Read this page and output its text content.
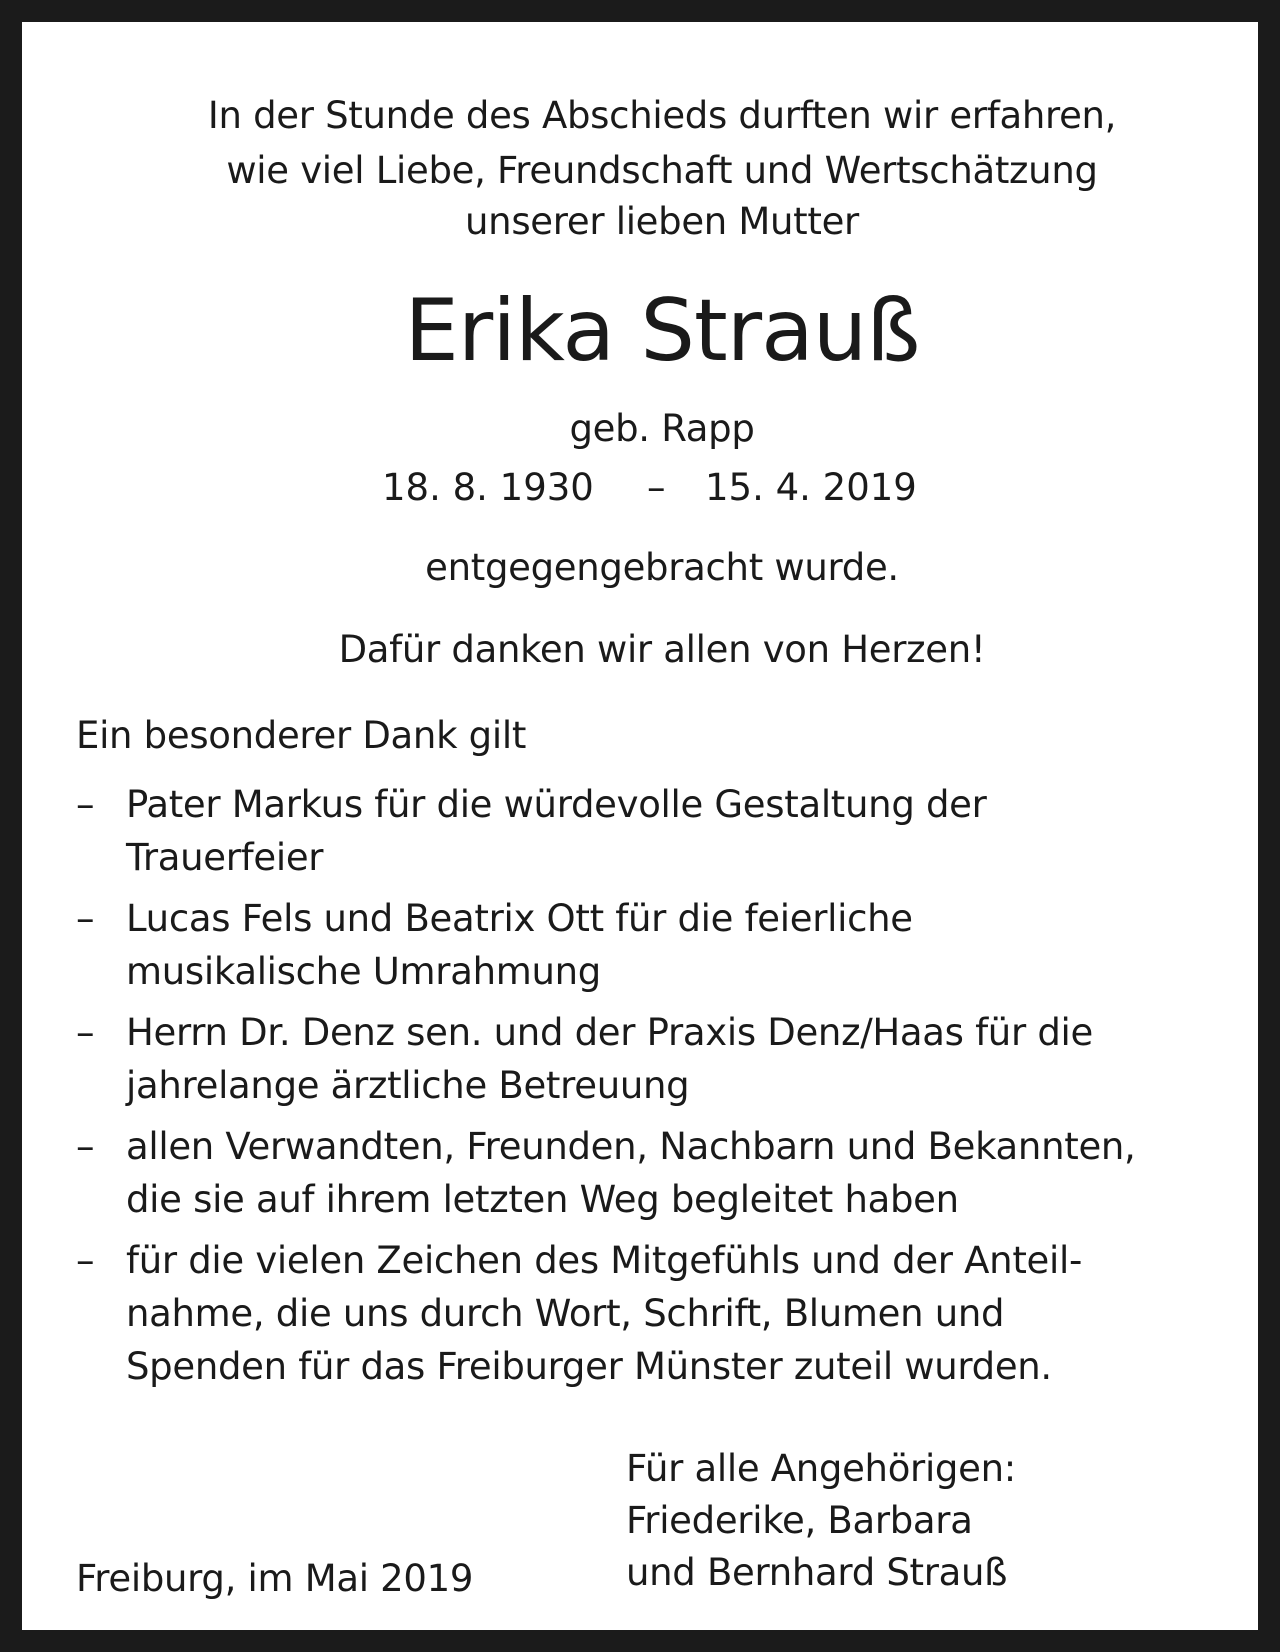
In der Stunde des Abschieds durften wir erfahren,
wie viel Liebe, Freundschaft und Wertschätzung
unserer lieben Mutter
Erika Strauß
geb. Rapp
18. 8. 1930 – 15. 4. 2019
entgegengebracht wurde.
Dafür danken wir allen von Herzen!
Ein besonderer Dank gilt
– Pater Markus für die würdevolle Gestaltung der
Trauerfeier
– Lucas Fels und Beatrix Ott für die feierliche
musikalische Umrahmung
– Herrn Dr. Denz sen. und der Praxis Denz/Haas für die
jahrelange ärztliche Betreuung
– allen Verwandten, Freunden, Nachbarn und Bekannten,
die sie auf ihrem letzten Weg begleitet haben
– für die vielen Zeichen des Mitgefühls und der Anteil-
nahme, die uns durch Wort, Schrift, Blumen und
Spenden für das Freiburger Münster zuteil wurden.
Für alle Angehörigen:
Friederike, Barbara
und Bernhard Strauß
Freiburg, im Mai 2019
